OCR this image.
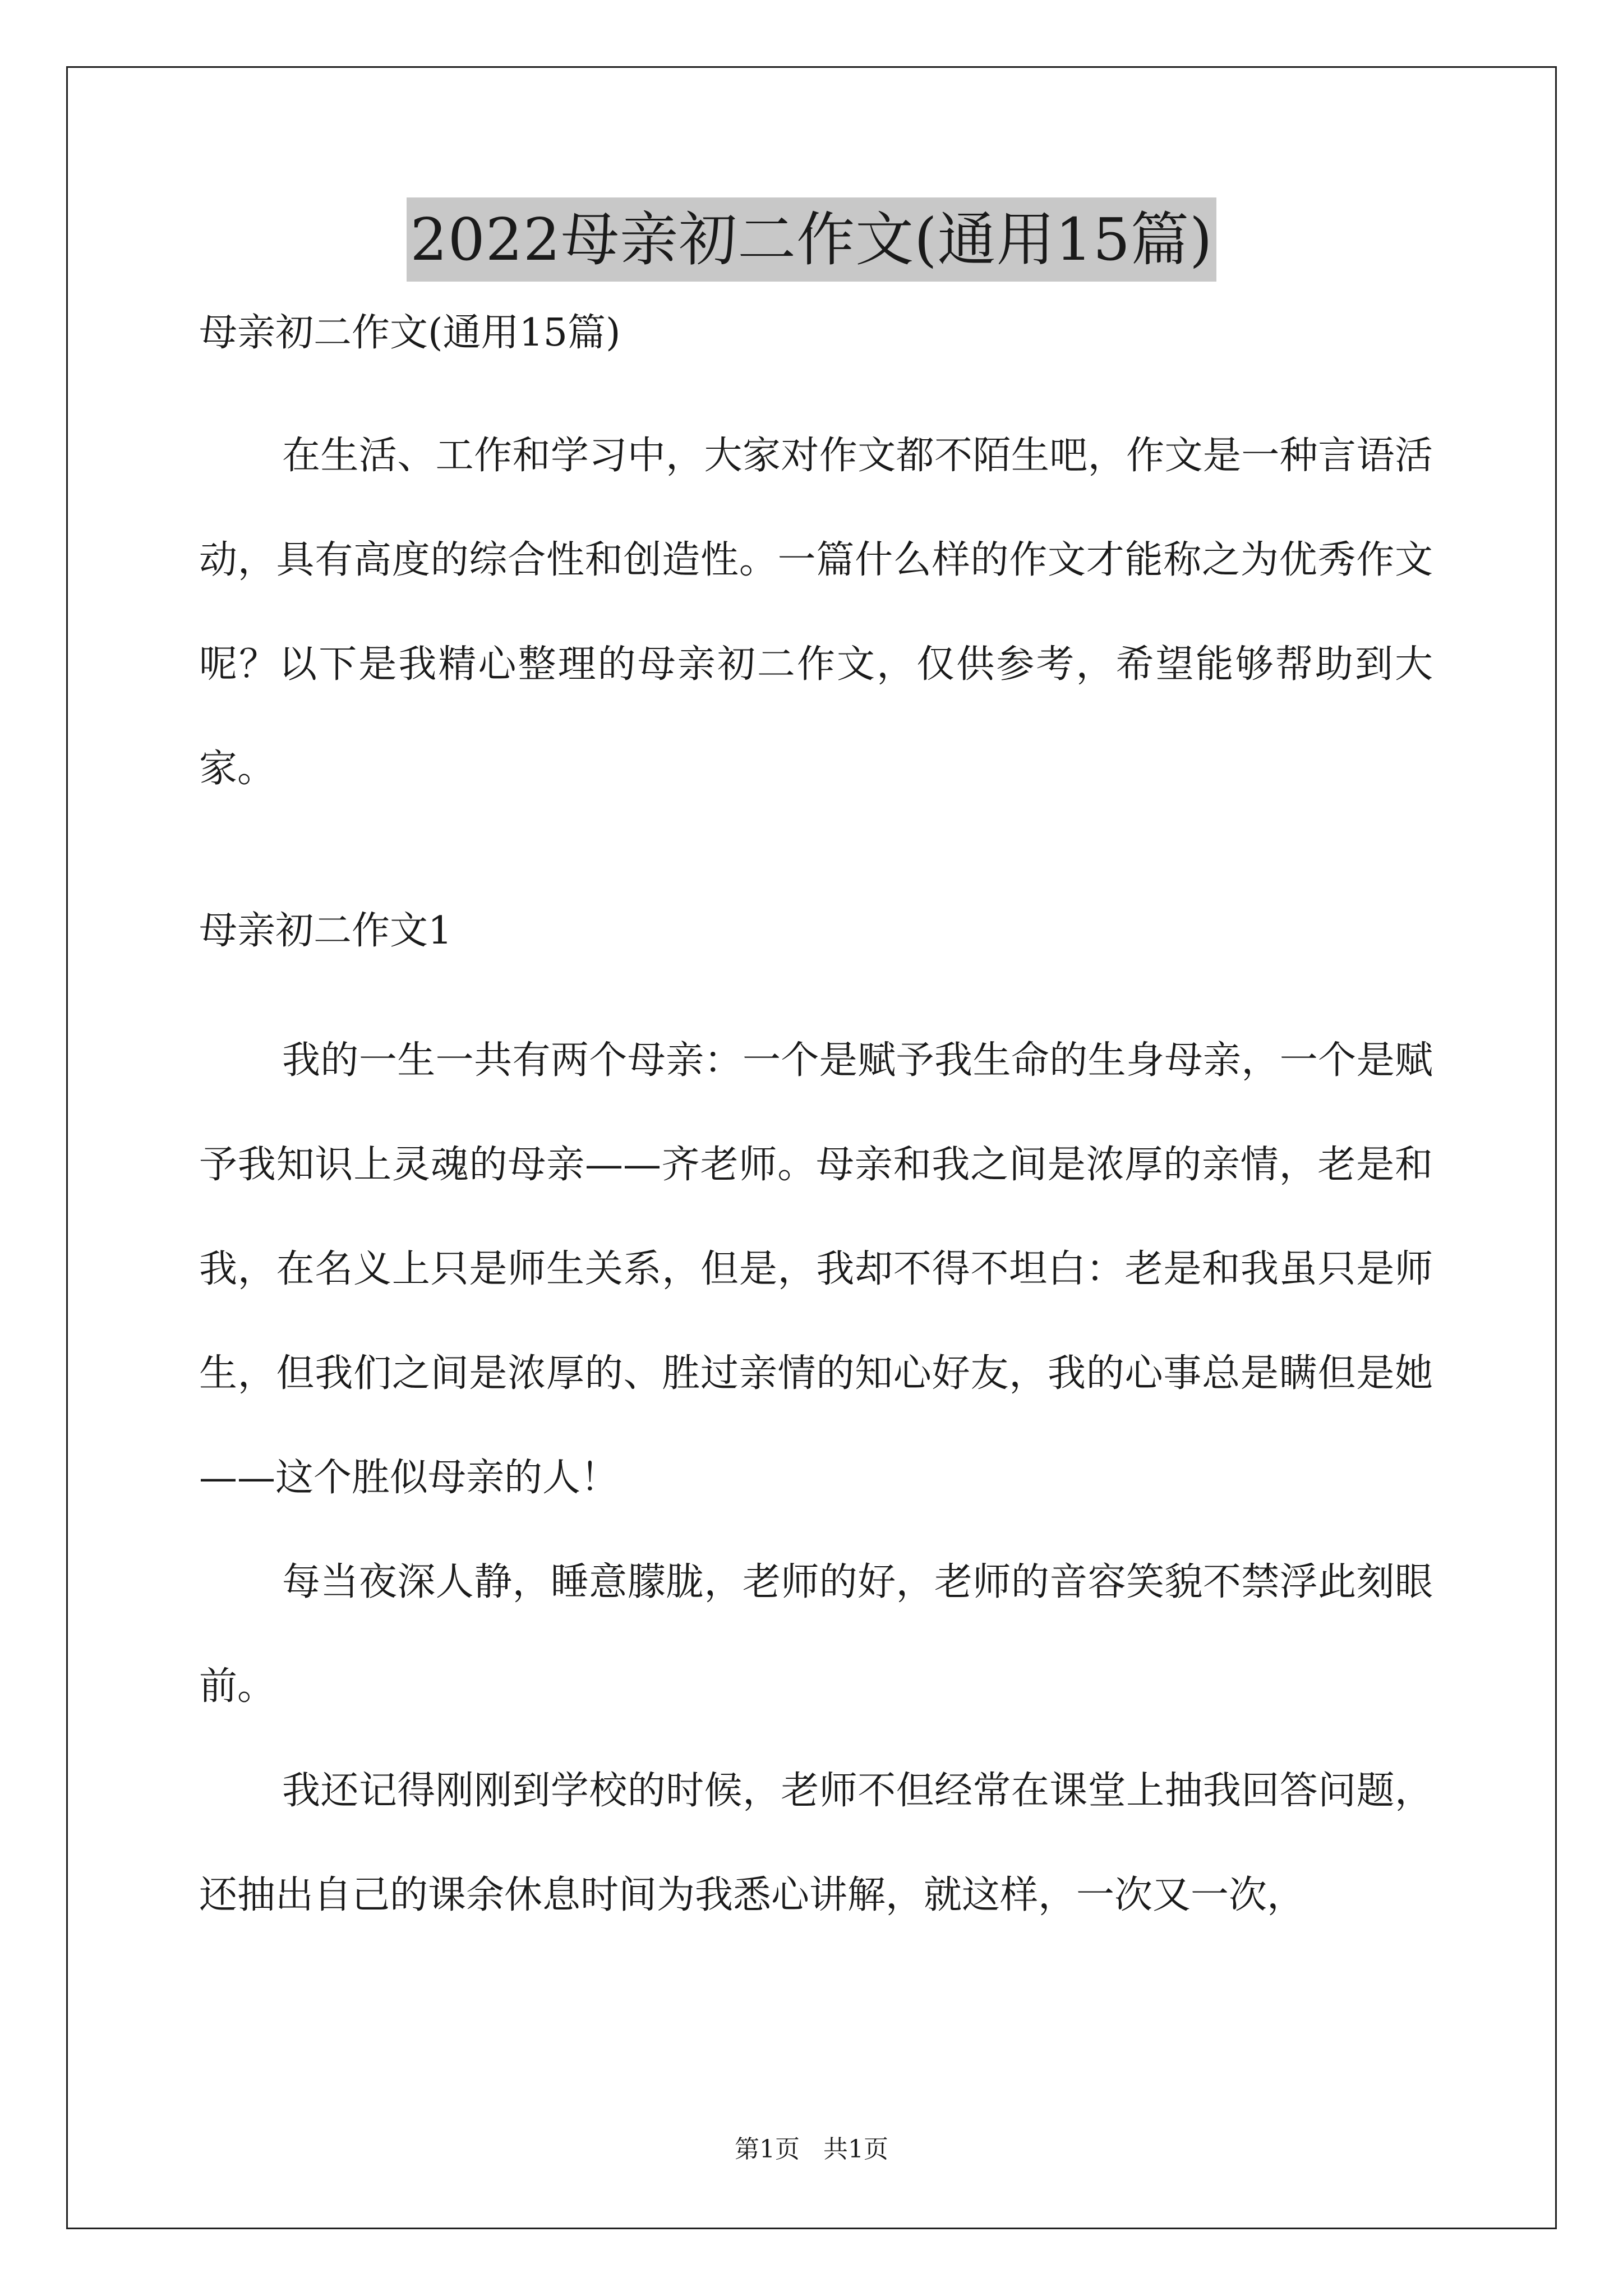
2022母亲初二作文(通用15篇)

母亲初二作文(通用15篇)

在生活、工作和学习中，大家对作文都不陌生吧，作文是一种言语活动，具有高度的综合性和创造性。一篇什么样的作文才能称之为优秀作文呢？以下是我精心整理的母亲初二作文，仅供参考，希望能够帮助到大家。

母亲初二作文1

我的一生一共有两个母亲：一个是赋予我生命的生身母亲，一个是赋予我知识上灵魂的母亲——齐老师。母亲和我之间是浓厚的亲情，老是和我，在名义上只是师生关系，但是，我却不得不坦白：老是和我虽只是师生，但我们之间是浓厚的、胜过亲情的知心好友，我的心事总是瞒但是她——这个胜似母亲的人！

每当夜深人静，睡意朦胧，老师的好，老师的音容笑貌不禁浮此刻眼前。

我还记得刚刚到学校的时候，老师不但经常在课堂上抽我回答问题，还抽出自己的课余休息时间为我悉心讲解，就这样，一次又一次，

第1页   共1页
